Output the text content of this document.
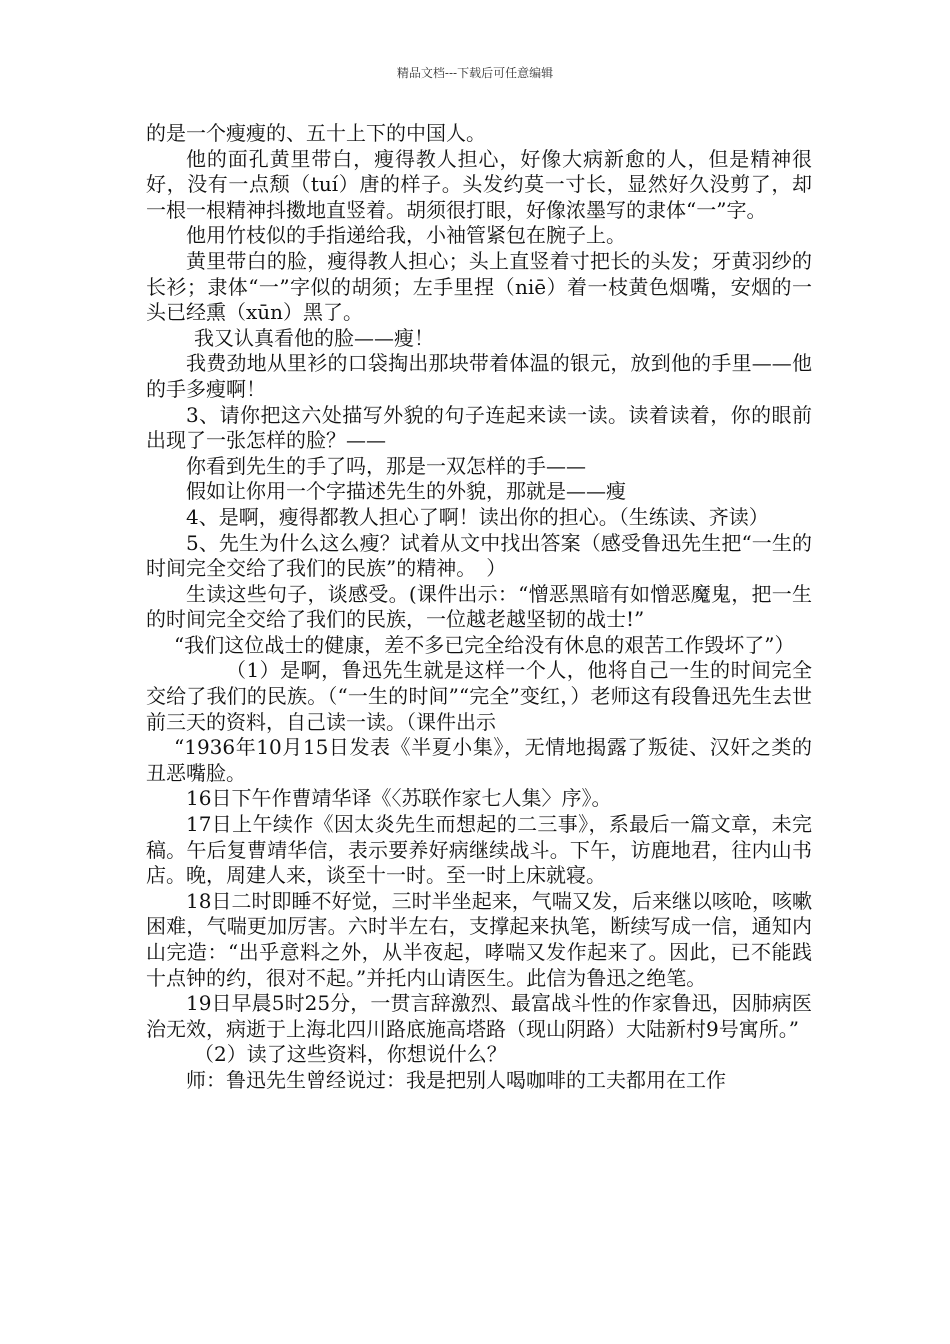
精品文档---下载后可任意编辑

的是一个瘦瘦的、五十上下的中国人。

他的面孔黄里带白，瘦得教人担心，好像大病新愈的人，但是精神很好，没有一点颓（tuí）唐的样子。头发约莫一寸长，显然好久没剪了，却一根一根精神抖擞地直竖着。胡须很打眼，好像浓墨写的隶体“一”字。

他用竹枝似的手指递给我，小袖管紧包在腕子上。

黄里带白的脸，瘦得教人担心；头上直竖着寸把长的头发；牙黄羽纱的长衫；隶体“一”字似的胡须；左手里捏（niē）着一枝黄色烟嘴，安烟的一头已经熏（xūn）黑了。

我又认真看他的脸——瘦！

我费劲地从里衫的口袋掏出那块带着体温的银元，放到他的手里——他的手多瘦啊！

3、请你把这六处描写外貌的句子连起来读一读。读着读着，你的眼前出现了一张怎样的脸？——

你看到先生的手了吗，那是一双怎样的手——

假如让你用一个字描述先生的外貌，那就是——瘦

4、是啊，瘦得都教人担心了啊！读出你的担心。（生练读、齐读）

5、先生为什么这么瘦？试着从文中找出答案（感受鲁迅先生把“一生的时间完全交给了我们的民族”的精神。　）

生读这些句子，谈感受。(课件出示：“憎恶黑暗有如憎恶魔鬼，把一生的时间完全交给了我们的民族，一位越老越坚韧的战士!”

“我们这位战士的健康，差不多已完全给没有休息的艰苦工作毁坏了”）

（1）是啊，鲁迅先生就是这样一个人，他将自己一生的时间完全交给了我们的民族。（“一生的时间”“完全”变红，）老师这有段鲁迅先生去世前三天的资料，自己读一读。（课件出示

“1936年10月15日发表《半夏小集》，无情地揭露了叛徒、汉奸之类的丑恶嘴脸。

16日下午作曹靖华译《〈苏联作家七人集〉序》。

17日上午续作《因太炎先生而想起的二三事》，系最后一篇文章，未完稿。午后复曹靖华信，表示要养好病继续战斗。下午，访鹿地君，往内山书店。晚，周建人来，谈至十一时。至一时上床就寝。

18日二时即睡不好觉，三时半坐起来，气喘又发，后来继以咳呛，咳嗽困难，气喘更加厉害。六时半左右，支撑起来执笔，断续写成一信，通知内山完造：“出乎意料之外，从半夜起，哮喘又发作起来了。因此，已不能践十点钟的约，很对不起。”并托内山请医生。此信为鲁迅之绝笔。

19日早晨5时25分，一贯言辞激烈、最富战斗性的作家鲁迅，因肺病医治无效，病逝于上海北四川路底施高塔路（现山阴路）大陆新村9号寓所。”

（2）读了这些资料，你想说什么？

师：鲁迅先生曾经说过：我是把别人喝咖啡的工夫都用在工作
